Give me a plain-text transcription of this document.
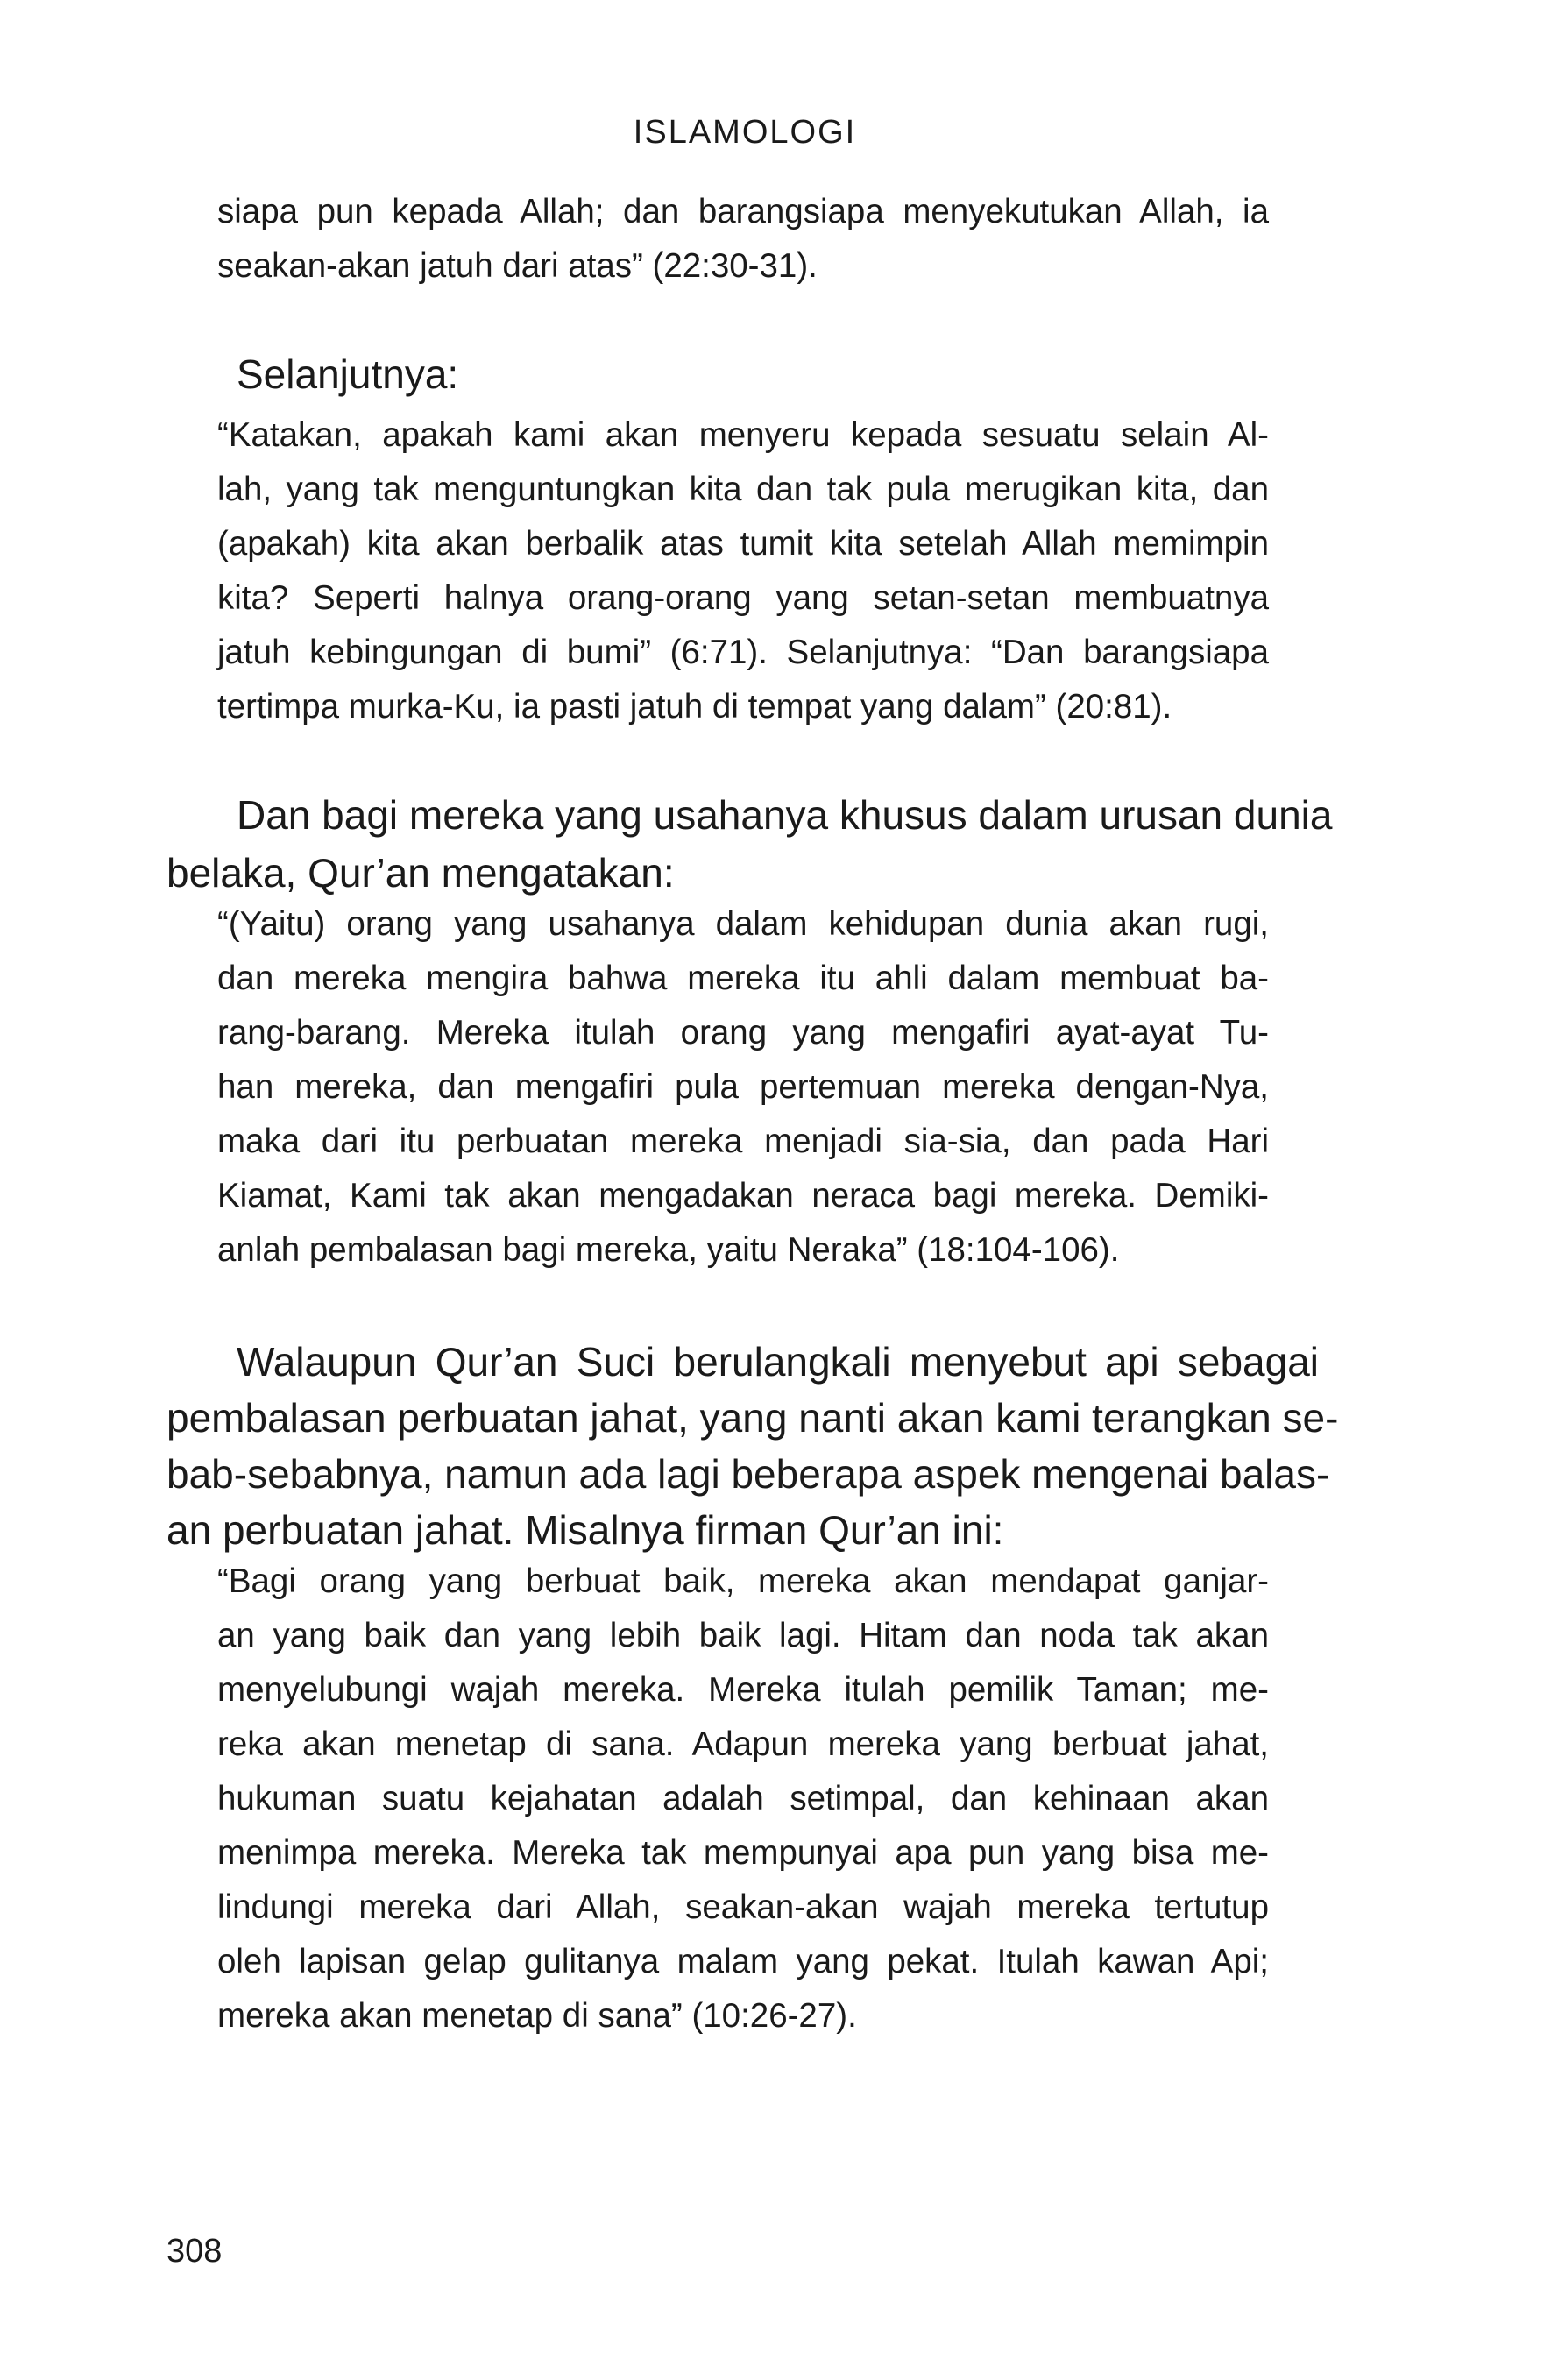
ISLAMOLOGI
siapa pun kepada Allah; dan barangsiapa menyekutukan Allah, ia
seakan-akan jatuh dari atas” (22:30-31).
Selanjutnya:
“Katakan, apakah kami akan menyeru kepada sesuatu selain Al-
lah, yang tak menguntungkan kita dan tak pula merugikan kita, dan
(apakah) kita akan berbalik atas tumit kita setelah Allah memimpin
kita? Seperti halnya orang-orang yang setan-setan membuatnya
jatuh kebingungan di bumi” (6:71). Selanjutnya: “Dan barangsiapa
tertimpa murka-Ku, ia pasti jatuh di tempat yang dalam” (20:81).
Dan bagi mereka yang usahanya khusus dalam urusan dunia
belaka, Qur’an mengatakan:
“(Yaitu) orang yang usahanya dalam kehidupan dunia akan rugi,
dan mereka mengira bahwa mereka itu ahli dalam membuat ba-
rang-barang. Mereka itulah orang yang mengafiri ayat-ayat Tu-
han mereka, dan mengafiri pula pertemuan mereka dengan-Nya,
maka dari itu perbuatan mereka menjadi sia-sia, dan pada Hari
Kiamat, Kami tak akan mengadakan neraca bagi mereka. Demiki-
anlah pembalasan bagi mereka, yaitu Neraka” (18:104-106).
Walaupun Qur’an Suci berulangkali menyebut api sebagai
pembalasan perbuatan jahat, yang nanti akan kami terangkan se-
bab-sebabnya, namun ada lagi beberapa aspek mengenai balas-
an perbuatan jahat. Misalnya firman Qur’an ini:
“Bagi orang yang berbuat baik, mereka akan mendapat ganjar-
an yang baik dan yang lebih baik lagi. Hitam dan noda tak akan
menyelubungi wajah mereka. Mereka itulah pemilik Taman; me-
reka akan menetap di sana. Adapun mereka yang berbuat jahat,
hukuman suatu kejahatan adalah setimpal, dan kehinaan akan
menimpa mereka. Mereka tak mempunyai apa pun yang bisa me-
lindungi mereka dari Allah, seakan-akan wajah mereka tertutup
oleh lapisan gelap gulitanya malam yang pekat. Itulah kawan Api;
mereka akan menetap di sana” (10:26-27).
308
